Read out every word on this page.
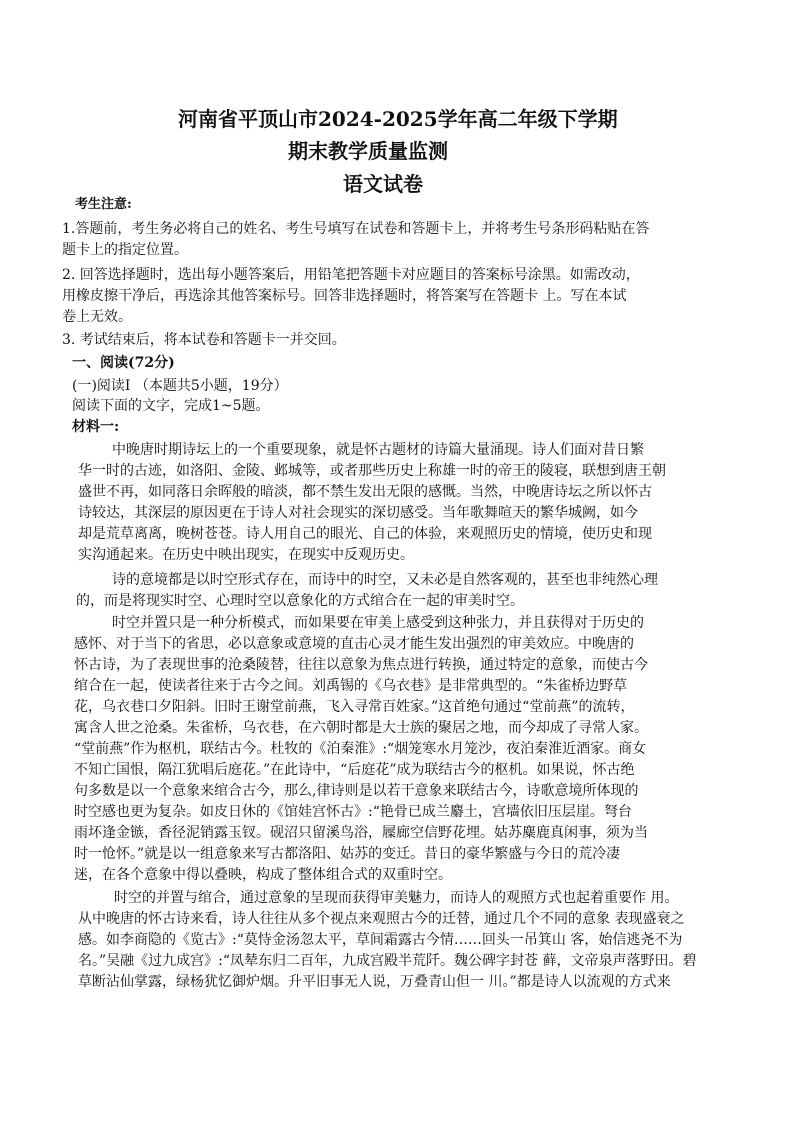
河南省平顶山市2024-2025学年高二年级下学期
期末教学质量监测
语文试卷
考生注意:
1.答题前，考生务必将自己的姓名、考生号填写在试卷和答题卡上，并将考生号条形码粘贴在答
题卡上的指定位置。
2. 回答选择题时，选出每小题答案后，用铅笔把答题卡对应题目的答案标号涂黑。如需改动，
用橡皮擦干净后，再选涂其他答案标号。回答非选择题时，将答案写在答题卡 上。写在本试
卷上无效。
3. 考试结束后，将本试卷和答题卡一并交回。
一、阅读(72分)
(一)阅读Ⅰ （本题共5小题，19分）
阅读下面的文字，完成1~5题。
材料一:
中晚唐时期诗坛上的一个重要现象，就是怀古题材的诗篇大量涌现。诗人们面对昔日繁
华一时的古迹，如洛阳、金陵、邺城等，或者那些历史上称雄一时的帝王的陵寝，联想到唐王朝
盛世不再，如同落日余晖般的暗淡，都不禁生发出无限的感慨。当然，中晚唐诗坛之所以怀古
诗较达，其深层的原因更在于诗人对社会现实的深切感受。当年歌舞喧天的繁华城阙，如今
却是荒草离离，晚树苍苍。诗人用自己的眼光、自己的体验，来观照历史的情境，使历史和现
实沟通起来。在历史中映出现实，在现实中反观历史。
诗的意境都是以时空形式存在，而诗中的时空，又未必是自然客观的，甚至也非纯然心理
的，而是将现实时空、心理时空以意象化的方式绾合在一起的审美时空。
时空并置只是一种分析模式，而如果要在审美上感受到这种张力，并且获得对于历史的
感怀、对于当下的省思，必以意象或意境的直击心灵才能生发出强烈的审美效应。中晚唐的
怀古诗，为了表现世事的沧桑陵替，往往以意象为焦点进行转换，通过特定的意象，而使古今
绾合在一起，使读者往来于古今之间。刘禹锡的《乌衣巷》是非常典型的。“朱雀桥边野草
花，乌衣巷口夕阳斜。旧时王谢堂前燕，飞入寻常百姓家。”这首绝句通过“堂前燕”的流转，
寓含人世之沧桑。朱雀桥，乌衣巷，在六朝时都是大士族的聚居之地，而今却成了寻常人家。
“堂前燕”作为枢机，联结古今。杜牧的《泊秦淮》:“烟笼寒水月笼沙，夜泊秦淮近酒家。商女
不知亡国恨，隔江犹唱后庭花。”在此诗中，“后庭花”成为联结古今的枢机。如果说，怀古绝
句多数是以一个意象来绾合古今，那么,律诗则是以若干意象来联结古今，诗歌意境所体现的
时空感也更为复杂。如皮日休的《馆娃宫怀古》:“艳骨已成兰麝土，宫墙依旧压层崖。弩台
雨坏逢金镞，香径泥销露玉钗。砚沼只留溪鸟浴，屧廊空信野花埋。姑苏麋鹿真闲事，须为当
时一怆怀。”就是以一组意象来写古都洛阳、姑苏的变迁。昔日的豪华繁盛与今日的荒冷凄
迷，在各个意象中得以叠映，构成了整体组合式的双重时空。
时空的并置与绾合，通过意象的呈现而获得审美魅力，而诗人的观照方式也起着重要作 用。
从中晚唐的怀古诗来看，诗人往往从多个视点来观照古今的迁替，通过几个不同的意象 表现盛衰之
感。如李商隐的《览古》:“莫恃金汤忽太平，草间霜露古今情……回头一吊箕山 客，始信逃尧不为
名。”吴融《过九成宫》:“凤辇东归二百年，九成宫殿半荒阡。魏公碑字封苍 藓，文帝泉声落野田。碧
草断沾仙掌露，绿杨犹忆御炉烟。升平旧事无人说，万叠青山但一 川。”都是诗人以流观的方式来
